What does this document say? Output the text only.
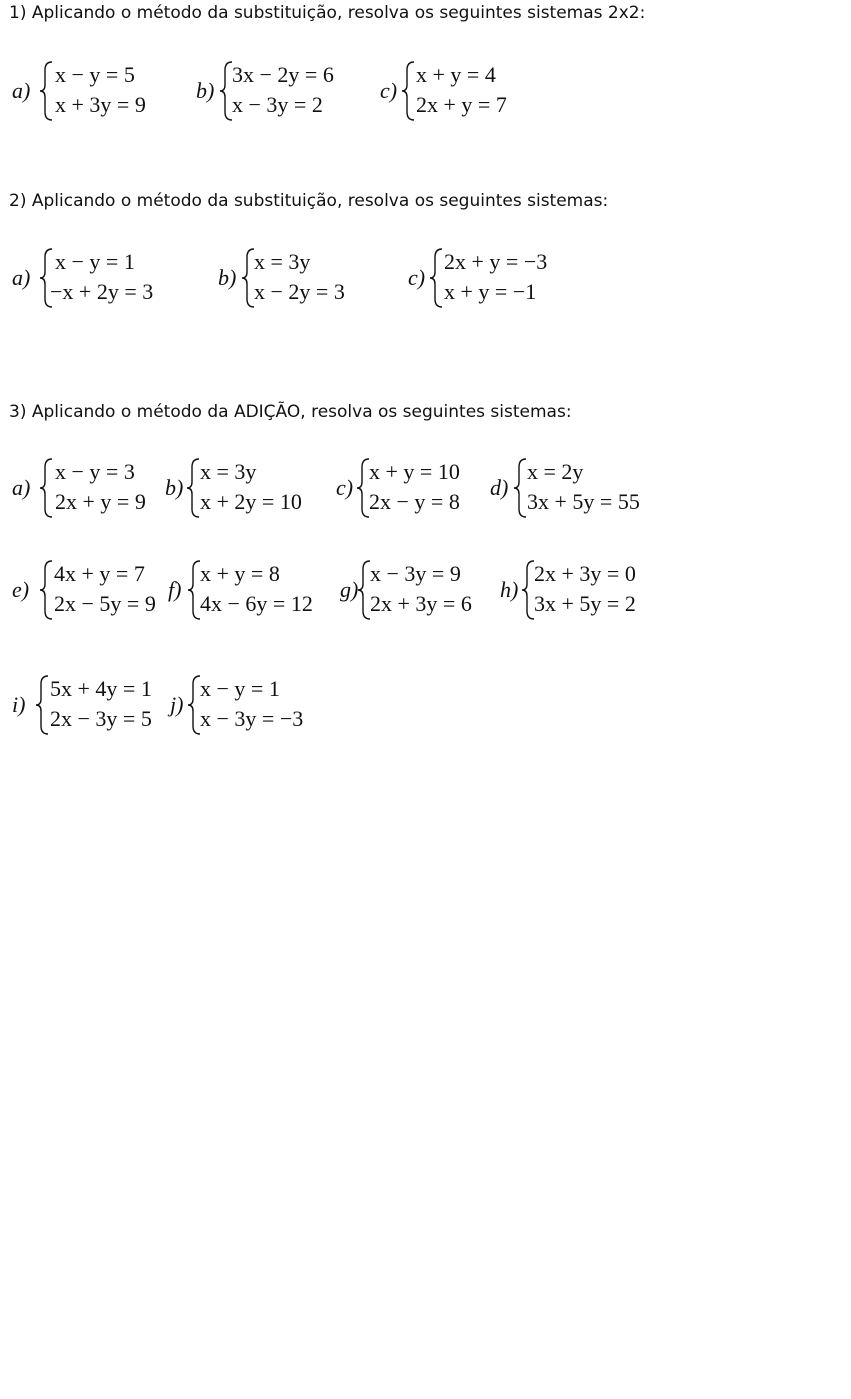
1) Aplicando o método da substituição, resolva os seguintes sistemas 2x2:
a)
x − y = 5
x + 3y = 9
b)
3x − 2y = 6
x − 3y = 2
c)
x + y = 4
2x + y = 7
2) Aplicando o método da substituição, resolva os seguintes sistemas:
a)
x − y = 1
−x + 2y = 3
b)
x = 3y
x − 2y = 3
c)
2x + y = −3
x + y = −1
3) Aplicando o método da ADIÇÃO, resolva os seguintes sistemas:
a)
x − y = 3
2x + y = 9
b)
x = 3y
x + 2y = 10
c)
x + y = 10
2x − y = 8
d)
x = 2y
3x + 5y = 55
e)
4x + y = 7
2x − 5y = 9
f)
x + y = 8
4x − 6y = 12
g)
x − 3y = 9
2x + 3y = 6
h)
2x + 3y = 0
3x + 5y = 2
i)
5x + 4y = 1
2x − 3y = 5
j)
x − y = 1
x − 3y = −3
